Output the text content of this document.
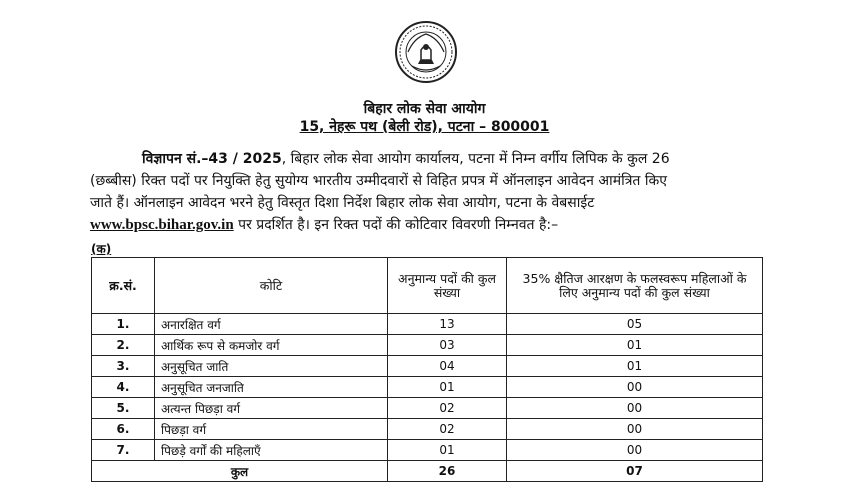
बिहार लोक सेवा आयोग
15, नेहरू पथ (बेली रोड), पटना – 800001
विज्ञापन सं.–43 / 2025, बिहार लोक सेवा आयोग कार्यालय, पटना में निम्न वर्गीय लिपिक के कुल 26
(छब्बीस) रिक्त पदों पर नियुक्ति हेतु सुयोग्य भारतीय उम्मीदवारों से विहित प्रपत्र में ऑनलाइन आवेदन आमंत्रित किए
जाते हैं। ऑनलाइन आवेदन भरने हेतु विस्तृत दिशा निर्देश बिहार लोक सेवा आयोग, पटना के वेबसाईट
www.bpsc.bihar.gov.in पर प्रदर्शित है। इन रिक्त पदों की कोटिवार विवरणी निम्नवत है:–
(क)
क्र.सं.	कोटि	अनुमान्य पदों की कुल संख्या	35% क्षैतिज आरक्षण के फलस्वरूप महिलाओं के लिए अनुमान्य पदों की कुल संख्या
1.	अनारक्षित वर्ग	13	05
2.	आर्थिक रूप से कमजोर वर्ग	03	01
3.	अनुसूचित जाति	04	01
4.	अनुसूचित जनजाति	01	00
5.	अत्यन्त पिछड़ा वर्ग	02	00
6.	पिछड़ा वर्ग	02	00
7.	पिछड़े वर्गों की महिलाएँ	01	00
कुल		26	07
